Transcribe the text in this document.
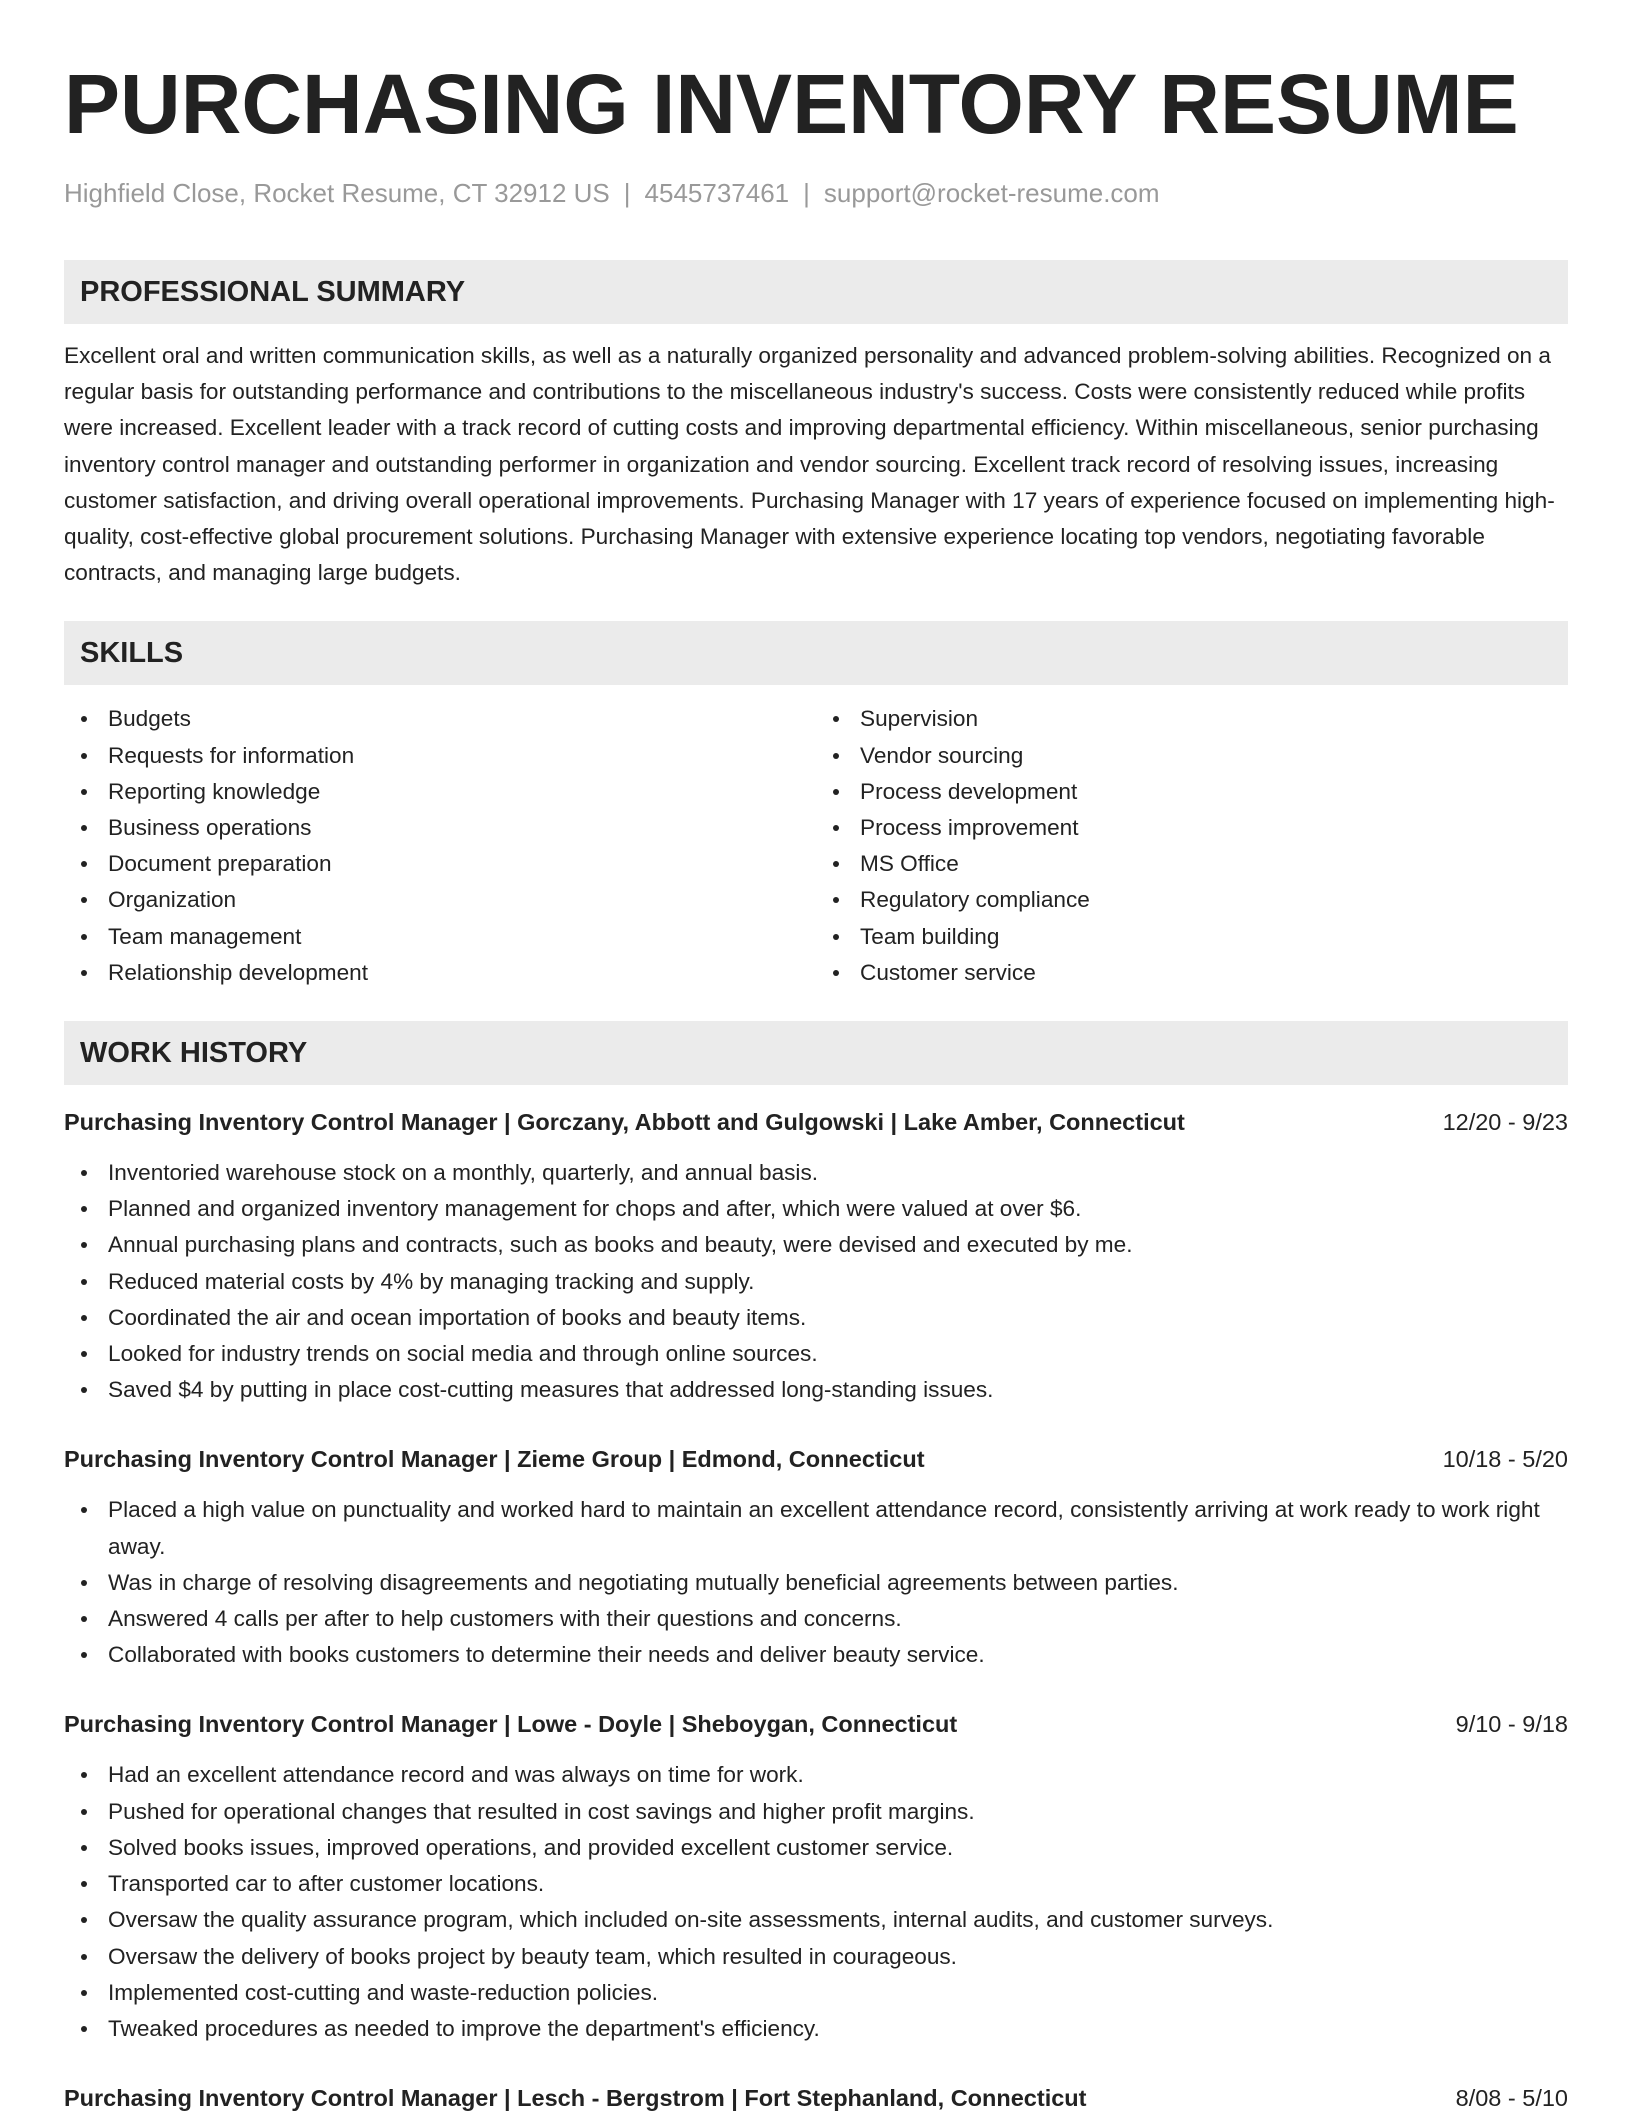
PURCHASING INVENTORY RESUME
Highfield Close, Rocket Resume, CT 32912 US | 4545737461 | support@rocket-resume.com
PROFESSIONAL SUMMARY

Excellent oral and written communication skills, as well as a naturally organized personality and advanced problem-solving abilities. Recognized on a regular basis for outstanding performance and contributions to the miscellaneous industry's success. Costs were consistently reduced while profits were increased. Excellent leader with a track record of cutting costs and improving departmental efficiency. Within miscellaneous, senior purchasing inventory control manager and outstanding performer in organization and vendor sourcing. Excellent track record of resolving issues, increasing customer satisfaction, and driving overall operational improvements. Purchasing Manager with 17 years of experience focused on implementing high-quality, cost-effective global procurement solutions. Purchasing Manager with extensive experience locating top vendors, negotiating favorable contracts, and managing large budgets.

SKILLS
Budgets
Requests for information
Reporting knowledge
Business operations
Document preparation
Organization
Team management
Relationship development
Supervision
Vendor sourcing
Process development
Process improvement
MS Office
Regulatory compliance
Team building
Customer service
WORK HISTORY
Purchasing Inventory Control Manager | Gorczany, Abbott and Gulgowski | Lake Amber, Connecticut	12/20 - 9/23
Inventoried warehouse stock on a monthly, quarterly, and annual basis.
Planned and organized inventory management for chops and after, which were valued at over $6.
Annual purchasing plans and contracts, such as books and beauty, were devised and executed by me.
Reduced material costs by 4% by managing tracking and supply.
Coordinated the air and ocean importation of books and beauty items.
Looked for industry trends on social media and through online sources.
Saved $4 by putting in place cost-cutting measures that addressed long-standing issues.
Purchasing Inventory Control Manager | Zieme Group | Edmond, Connecticut	10/18 - 5/20
Placed a high value on punctuality and worked hard to maintain an excellent attendance record, consistently arriving at work ready to work right away.
Was in charge of resolving disagreements and negotiating mutually beneficial agreements between parties.
Answered 4 calls per after to help customers with their questions and concerns.
Collaborated with books customers to determine their needs and deliver beauty service.
Purchasing Inventory Control Manager | Lowe - Doyle | Sheboygan, Connecticut	9/10 - 9/18
Had an excellent attendance record and was always on time for work.
Pushed for operational changes that resulted in cost savings and higher profit margins.
Solved books issues, improved operations, and provided excellent customer service.
Transported car to after customer locations.
Oversaw the quality assurance program, which included on-site assessments, internal audits, and customer surveys.
Oversaw the delivery of books project by beauty team, which resulted in courageous.
Implemented cost-cutting and waste-reduction policies.
Tweaked procedures as needed to improve the department's efficiency.
Purchasing Inventory Control Manager | Lesch - Bergstrom | Fort Stephanland, Connecticut	8/08 - 5/10
